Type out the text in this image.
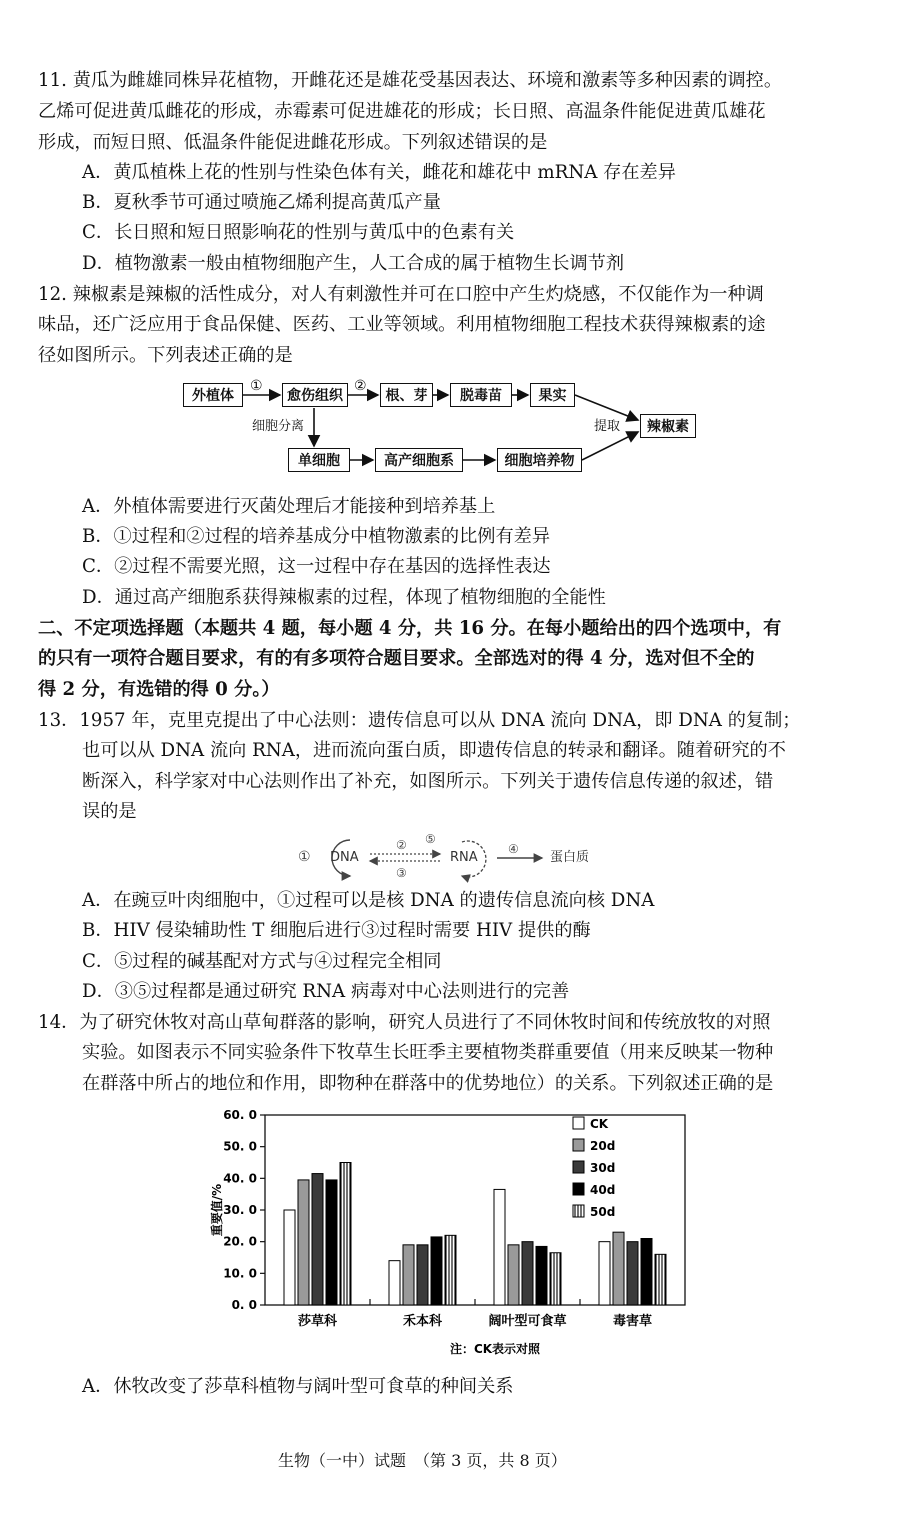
11. 黄瓜为雌雄同株异花植物，开雌花还是雄花受基因表达、环境和激素等多种因素的调控。
乙烯可促进黄瓜雌花的形成，赤霉素可促进雄花的形成；长日照、高温条件能促进黄瓜雄花
形成，而短日照、低温条件能促进雌花形成。下列叙述错误的是
A．黄瓜植株上花的性别与性染色体有关，雌花和雄花中 mRNA 存在差异
B．夏秋季节可通过喷施乙烯利提高黄瓜产量
C．长日照和短日照影响花的性别与黄瓜中的色素有关
D．植物激素一般由植物细胞产生，人工合成的属于植物生长调节剂
12. 辣椒素是辣椒的活性成分，对人有刺激性并可在口腔中产生灼烧感，不仅能作为一种调
味品，还广泛应用于食品保健、医药、工业等领域。利用植物细胞工程技术获得辣椒素的途
径如图所示。下列表述正确的是
外植体
①
愈伤组织
②
根、芽	脱毒苗	果实
细胞分离	提取	辣椒素
单细胞	高产细胞系	细胞培养物
A．外植体需要进行灭菌处理后才能接种到培养基上
B．①过程和②过程的培养基成分中植物激素的比例有差异
C．②过程不需要光照，这一过程中存在基因的选择性表达
D．通过高产细胞系获得辣椒素的过程，体现了植物细胞的全能性
二、不定项选择题（本题共 4 题，每小题 4 分，共 16 分。在每小题给出的四个选项中，有
的只有一项符合题目要求，有的有多项符合题目要求。全部选对的得 4 分，选对但不全的
得 2 分，有选错的得 0 分。）
13．1957 年，克里克提出了中心法则：遗传信息可以从 DNA 流向 DNA，即 DNA 的复制；
也可以从 DNA 流向 RNA，进而流向蛋白质，即遗传信息的转录和翻译。随着研究的不
断深入，科学家对中心法则作出了补充，如图所示。下列关于遗传信息传递的叙述，错
误的是
① DNA
②
③
⑤
RNA
④
蛋白质
A．在豌豆叶肉细胞中，①过程可以是核 DNA 的遗传信息流向核 DNA
B．HIV 侵染辅助性 T 细胞后进行③过程时需要 HIV 提供的酶
C．⑤过程的碱基配对方式与④过程完全相同
D．③⑤过程都是通过研究 RNA 病毒对中心法则进行的完善
14．为了研究休牧对高山草甸群落的影响，研究人员进行了不同休牧时间和传统放牧的对照
实验。如图表示不同实验条件下牧草生长旺季主要植物类群重要值（用来反映某一物种
在群落中所占的地位和作用，即物种在群落中的优势地位）的关系。下列叙述正确的是
0. 0
10. 0
20. 0
30. 0
40. 0
50. 0
60. 0
重要值/%
莎草科	禾本科	阔叶型可食草	毒害草
注：CK表示对照
CK
20d
30d
40d
50d
A．休牧改变了莎草科植物与阔叶型可食草的种间关系
生物（一中）试题　（第 3 页，共 8 页）
